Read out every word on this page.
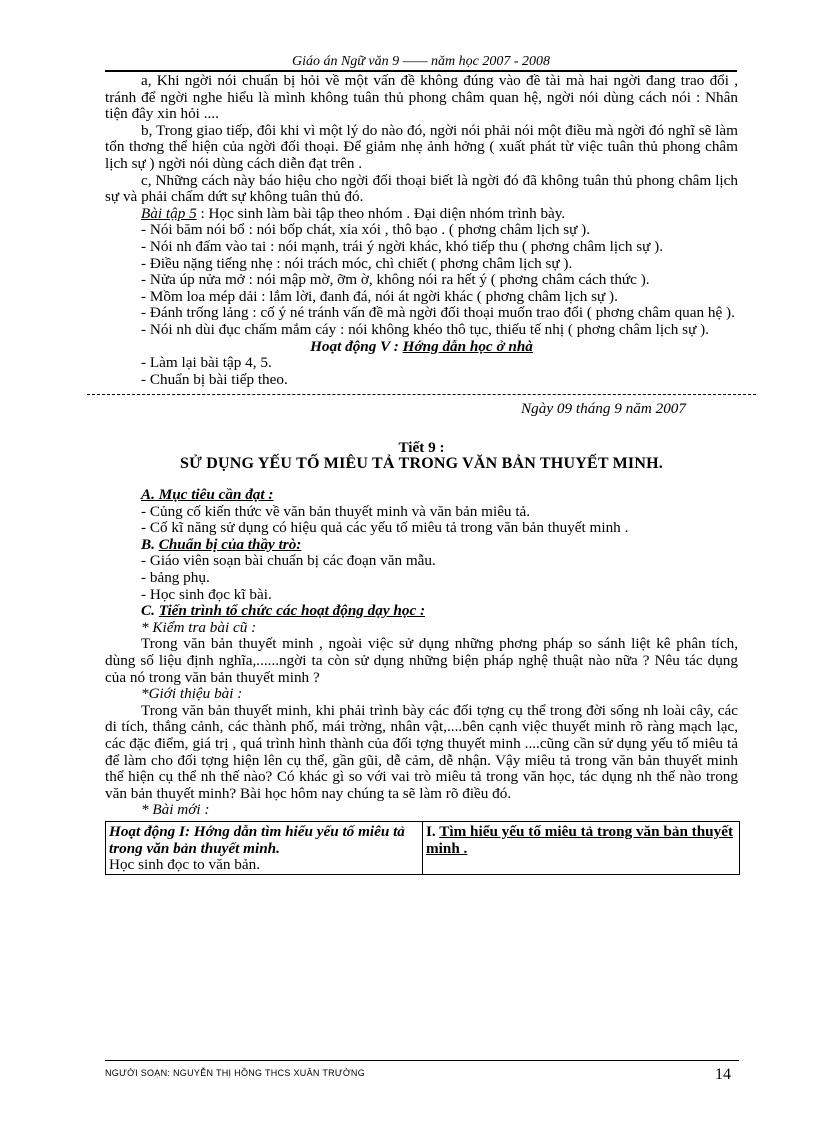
Giáo án Ngữ văn 9 —— năm học 2007 - 2008

a, Khi ngời nói chuẩn bị hỏi về một vấn đề không đúng vào đề tài mà hai ngời đang trao đổi , tránh để ngời nghe hiểu là mình không tuân thủ phong châm quan hệ, ngời nói dùng cách nói : Nhân tiện đây xin hỏi ....

b, Trong giao tiếp, đôi khi vì một lý do nào đó, ngời nói phải nói một điều mà ngời đó nghĩ sẽ làm tổn thơng thể hiện của ngời đối thoại. Để giảm nhẹ ảnh hởng ( xuất phát từ việc tuân thủ phong châm lịch sự ) ngời nói dùng cách diễn đạt trên .

c, Những cách này báo hiệu cho ngời đối thoại biết là ngời đó đã không tuân thủ phong châm lịch sự và phải chấm dứt sự không tuân thủ đó.

Bài tập 5 : Học sinh làm bài tập theo nhóm . Đại diện nhóm trình bày.

- Nói băm nói bổ : nói bốp chát, xỉa xói , thô bạo . ( phơng châm lịch sự ).

- Nói nh đấm vào tai : nói mạnh, trái ý ngời khác, khó tiếp thu ( phơng châm lịch sự ).

- Điều nặng tiếng nhẹ : nói trách móc, chì chiết ( phơng châm lịch sự ).

- Nửa úp nửa mở : nói mập mờ, ỡm ờ, không nói ra hết ý ( phơng châm cách thức ).

- Mồm loa mép dải : lắm lời, đanh đá, nói át ngời khác ( phơng châm lịch sự ).

- Đánh trống lảng : cố ý né tránh vấn đề mà ngời đối thoại muốn trao đổi ( phơng châm quan hệ ).

- Nói nh dùi đục chấm mắm cáy : nói không khéo thô tục, thiếu tế nhị ( phơng châm lịch sự ).

Hoạt động V : Hớng dẫn học ở nhà

- Làm lại bài tập 4, 5.

- Chuẩn bị bài tiếp theo.

Ngày 09 tháng 9 năm 2007

Tiết 9 :

SỬ DỤNG YẾU TỐ MIÊU TẢ TRONG VĂN BẢN THUYẾT MINH.

A. Mục tiêu cần đạt :

- Củng cố kiến thức về văn bản thuyết minh và văn bản miêu tả.

- Cố kĩ năng sử dụng có hiệu quả các yếu tố miêu tả trong văn bản thuyết minh .

B. Chuẩn bị của thầy trò:

- Giáo viên soạn bài chuẩn bị các đoạn văn mẫu.

- bảng phụ.

- Học sinh đọc kĩ bài.

C. Tiến trình tổ chức các hoạt động dạy học :

* Kiểm tra bài cũ :

Trong văn bản thuyết minh , ngoài việc sử dụng những phơng pháp so sánh liệt kê phân tích, dùng số liệu định nghĩa,......ngời ta còn sử dụng những biện pháp nghệ thuật nào nữa ? Nêu tác dụng của nó trong văn bản thuyết minh ?

*Giới thiệu bài :

Trong văn bản thuyết minh, khi phải trình bày các đối tợng cụ thể trong đời sống nh loài cây, các di tích, thắng cảnh, các thành phố, mái trờng, nhân vật,....bên cạnh việc thuyết minh rõ ràng mạch lạc, các đặc điểm, giá trị , quá trình hình thành của đối tợng thuyết minh ....cũng cần sử dụng yếu tố miêu tả để làm cho đối tợng hiện lên cụ thể, gần gũi, dễ cảm, dễ nhận. Vậy miêu tả trong văn bản thuyết minh thể hiện cụ thể nh thế nào? Có khác gì so với vai trò miêu tả trong văn học, tác dụng nh thế nào trong văn bản thuyết minh? Bài học hôm nay chúng ta sẽ làm rõ điều đó.

* Bài mới :

Hoạt động I: Hớng dẫn tìm hiểu yếu tố miêu tả trong văn bản thuyết minh.
Học sinh đọc to văn bản.
	I. Tìm hiểu yếu tố miêu tả trong văn bản thuyết minh .
NGƯỜI SOẠN: NGUYỄN THỊ HỒNG THCS XUÂN TRƯỜNG	14
